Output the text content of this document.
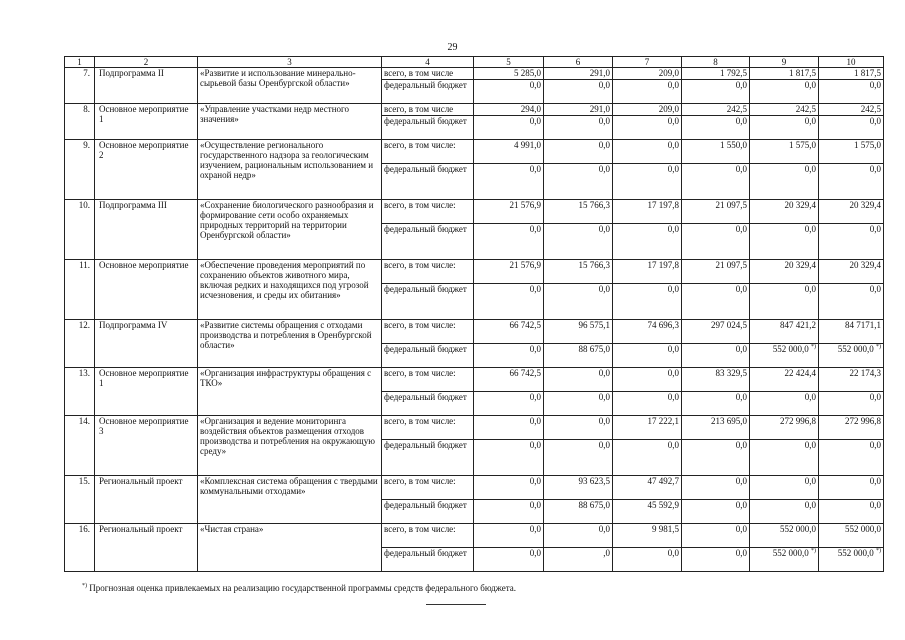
29
1	2	3	4	5	6	7	8	9	10
7.	Подпрограмма II	«Развитие и использование минерально-сырьевой базы Оренбургской области»	всего, в том числе	5 285,0	291,0	209,0	1 792,5	1 817,5	1 817,5
			федеральный бюджет	0,0	0,0	0,0	0,0	0,0	0,0
8.	Основное мероприятие 1	«Управление участками недр местного значения»	всего, в том числе	294,0	291,0	209,0	242,5	242,5	242,5
			федеральный бюджет	0,0	0,0	0,0	0,0	0,0	0,0
9.	Основное мероприятие 2	«Осуществление регионального государственного надзора за геологическим изучением, рациональным использованием и охраной недр»	всего, в том числе:	4 991,0	0,0	0,0	1 550,0	1 575,0	1 575,0
			федеральный бюджет	0,0	0,0	0,0	0,0	0,0	0,0
10.	Подпрограмма III	«Сохранение биологического разнообразия и формирование сети особо охраняемых природных территорий на территории Оренбургской области»	всего, в том числе:	21 576,9	15 766,3	17 197,8	21 097,5	20 329,4	20 329,4
			федеральный бюджет	0,0	0,0	0,0	0,0	0,0	0,0
11.	Основное мероприятие	«Обеспечение проведения мероприятий по сохранению объектов животного мира, включая редких и находящихся под угрозой исчезновения, и среды их обитания»	всего, в том числе:	21 576,9	15 766,3	17 197,8	21 097,5	20 329,4	20 329,4
			федеральный бюджет	0,0	0,0	0,0	0,0	0,0	0,0
12.	Подпрограмма IV	«Развитие системы обращения с отходами производства и потребления в Оренбургской области»	всего, в том числе:	66 742,5	96 575,1	74 696,3	297 024,5	847 421,2	84 7171,1
			федеральный бюджет	0,0	88 675,0	0,0	0,0	552 000,0 *)	552 000,0 *)
13.	Основное мероприятие 1	«Организация инфраструктуры обращения с ТКО»	всего, в том числе:	66 742,5	0,0	0,0	83 329,5	22 424,4	22 174,3
			федеральный бюджет	0,0	0,0	0,0	0,0	0,0	0,0
14.	Основное мероприятие 3	«Организация и ведение мониторинга воздействия объектов размещения отходов производства и потребления на окружающую среду»	всего, в том числе:	0,0	0,0	17 222,1	213 695,0	272 996,8	272 996,8
			федеральный бюджет	0,0	0,0	0,0	0,0	0,0	0,0
15.	Региональный проект	«Комплексная система обращения с твердыми коммунальными отходами»	всего, в том числе:	0,0	93 623,5	47 492,7	0,0	0,0	0,0
			федеральный бюджет	0,0	88 675,0	45 592,9	0,0	0,0	0,0
16.	Региональный проект	«Чистая страна»	всего, в том числе:	0,0	0,0	9 981,5	0,0	552 000,0	552 000,0
			федеральный бюджет	0,0	,0	0,0	0,0	552 000,0 *)	552 000,0 *)
*) Прогнозная оценка привлекаемых на реализацию государственной программы средств федерального бюджета.
